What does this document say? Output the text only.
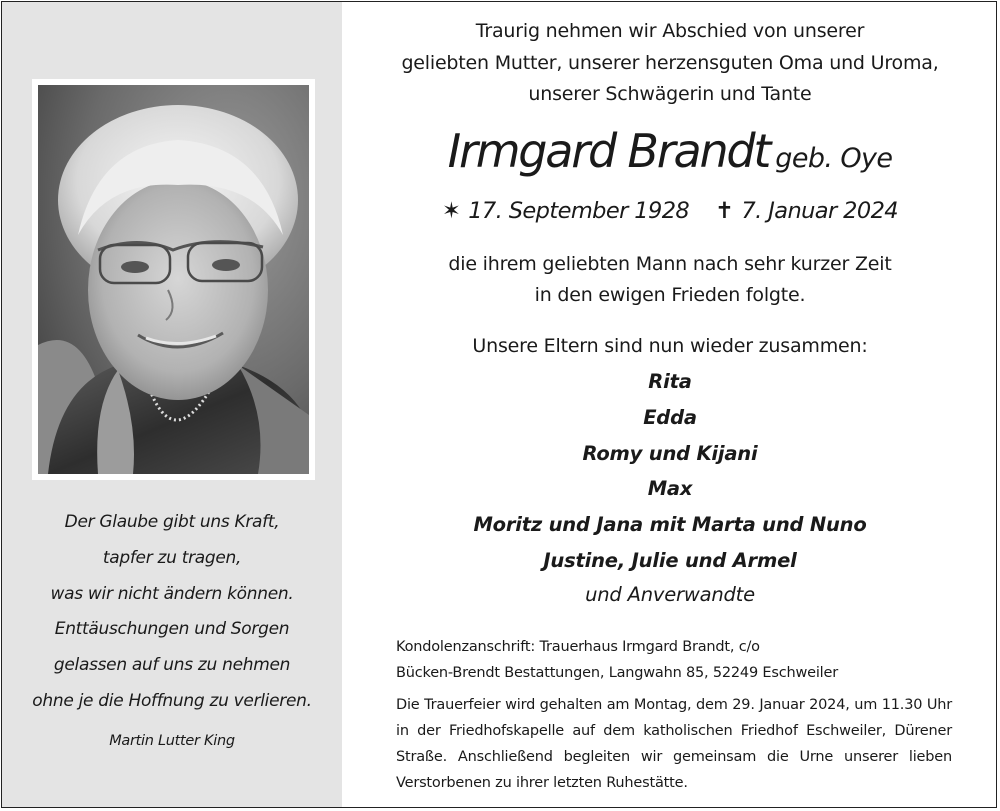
Der Glaube gibt uns Kraft,
tapfer zu tragen,
was wir nicht ändern können.
Enttäuschungen und Sorgen
gelassen auf uns zu nehmen
ohne je die Hoffnung zu verlieren.
Martin Lutter King
Traurig nehmen wir Abschied von unserer
geliebten Mutter, unserer herzensguten Oma und Uroma,
unserer Schwägerin und Tante
Irmgard Brandt geb. Oye
✶ 17. September 1928 ✝ 7. Januar 2024
die ihrem geliebten Mann nach sehr kurzer Zeit
in den ewigen Frieden folgte.
Unsere Eltern sind nun wieder zusammen:
Rita
Edda
Romy und Kijani
Max
Moritz und Jana mit Marta und Nuno
Justine, Julie und Armel
und Anverwandte
Kondolenzanschrift: Trauerhaus Irmgard Brandt, c/o
Bücken-Brendt Bestattungen, Langwahn 85, 52249 Eschweiler
Die Trauerfeier wird gehalten am Montag, dem 29. Januar 2024, um 11.30 Uhr in der Friedhofskapelle auf dem katholischen Friedhof Eschweiler, Dürener Straße. Anschließend begleiten wir gemeinsam die Urne unserer lieben Verstorbenen zu ihrer letzten Ruhestätte.
